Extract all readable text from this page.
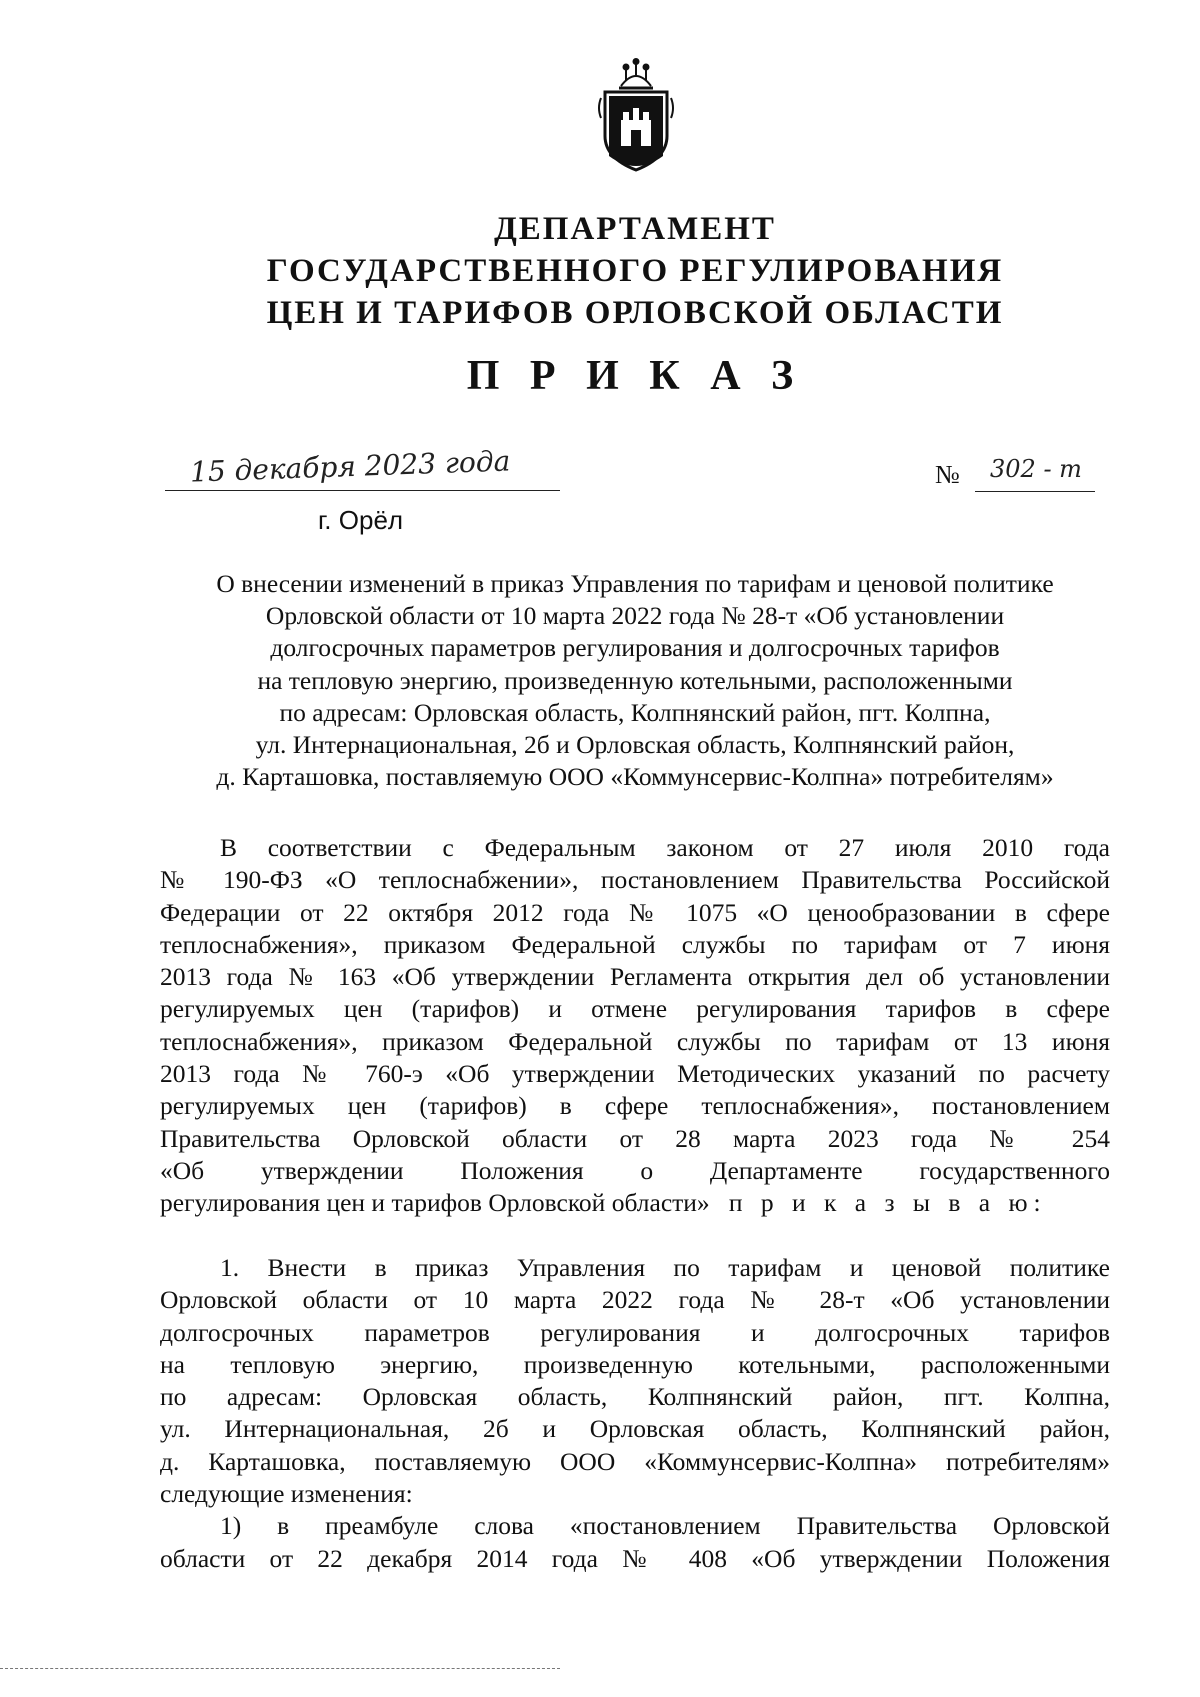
ДЕПАРТАМЕНТ
ГОСУДАРСТВЕННОГО РЕГУЛИРОВАНИЯ
ЦЕН И ТАРИФОВ ОРЛОВСКОЙ ОБЛАСТИ
П Р И К А З
15 декабря 2023 года	№ 302 - т
г. Орёл
О внесении изменений в приказ Управления по тарифам и ценовой политике
Орловской области от 10 марта 2022 года № 28-т «Об установлении
долгосрочных параметров регулирования и долгосрочных тарифов
на тепловую энергию, произведенную котельными, расположенными
по адресам: Орловская область, Колпнянский район, пгт. Колпна,
ул. Интернациональная, 2б и Орловская область, Колпнянский район,
д. Карташовка, поставляемую ООО «Коммунсервис-Колпна» потребителям»
В соответствии с Федеральным законом от 27 июля 2010 года
№ 190-ФЗ «О теплоснабжении», постановлением Правительства Российской
Федерации от 22 октября 2012 года № 1075 «О ценообразовании в сфере
теплоснабжения», приказом Федеральной службы по тарифам от 7 июня
2013 года № 163 «Об утверждении Регламента открытия дел об установлении
регулируемых цен (тарифов) и отмене регулирования тарифов в сфере
теплоснабжения», приказом Федеральной службы по тарифам от 13 июня
2013 года № 760-э «Об утверждении Методических указаний по расчету
регулируемых цен (тарифов) в сфере теплоснабжения», постановлением
Правительства Орловской области от 28 марта 2023 года № 254
«Об утверждении Положения о Департаменте государственного
регулирования цен и тарифов Орловской области» п р и к а з ы в а ю:
1. Внести в приказ Управления по тарифам и ценовой политике
Орловской области от 10 марта 2022 года № 28-т «Об установлении
долгосрочных параметров регулирования и долгосрочных тарифов
на тепловую энергию, произведенную котельными, расположенными
по адресам: Орловская область, Колпнянский район, пгт. Колпна,
ул. Интернациональная, 2б и Орловская область, Колпнянский район,
д. Карташовка, поставляемую ООО «Коммунсервис-Колпна» потребителям»
следующие изменения:
1) в преамбуле слова «постановлением Правительства Орловской
области от 22 декабря 2014 года № 408 «Об утверждении Положения
